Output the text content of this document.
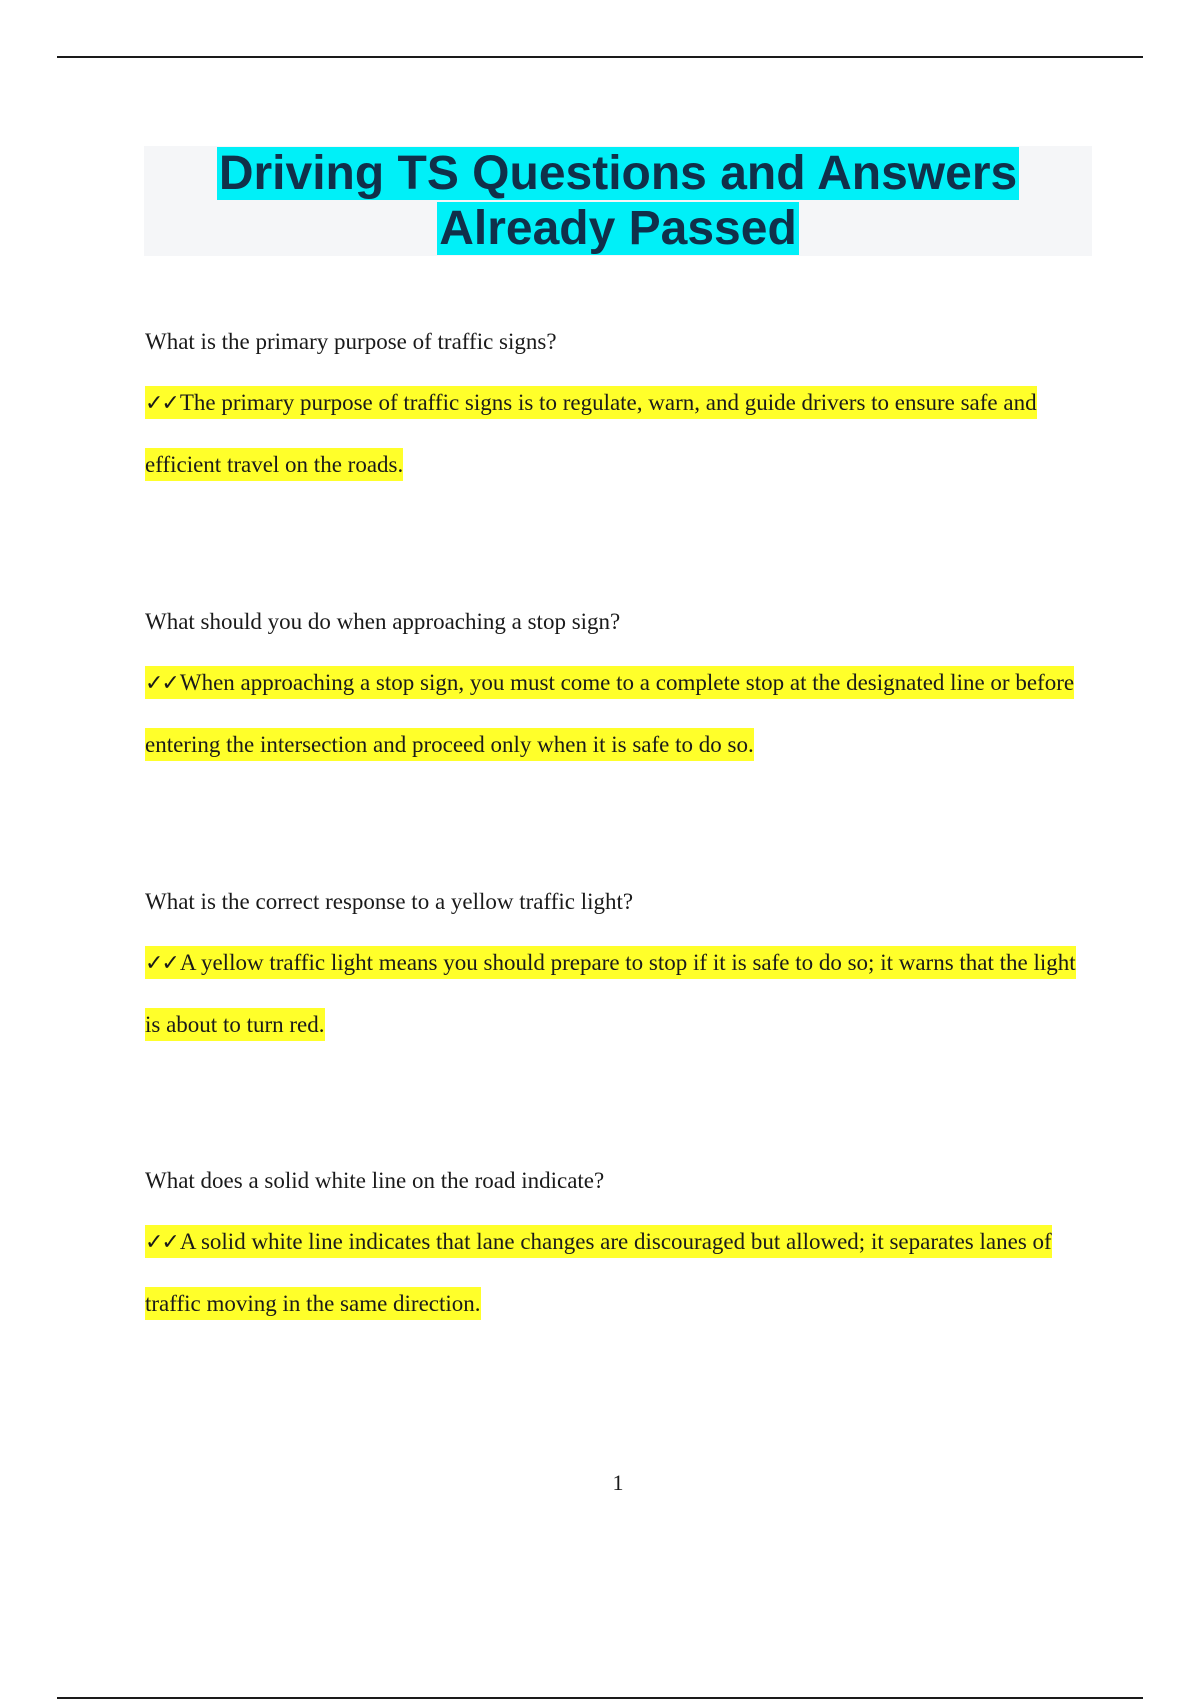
Driving TS Questions and Answers
Already Passed

What is the primary purpose of traffic signs?

✓✓The primary purpose of traffic signs is to regulate, warn, and guide drivers to ensure safe and efficient travel on the roads.

What should you do when approaching a stop sign?

✓✓When approaching a stop sign, you must come to a complete stop at the designated line or before entering the intersection and proceed only when it is safe to do so.

What is the correct response to a yellow traffic light?

✓✓A yellow traffic light means you should prepare to stop if it is safe to do so; it warns that the light is about to turn red.

What does a solid white line on the road indicate?

✓✓A solid white line indicates that lane changes are discouraged but allowed; it separates lanes of traffic moving in the same direction.

1
